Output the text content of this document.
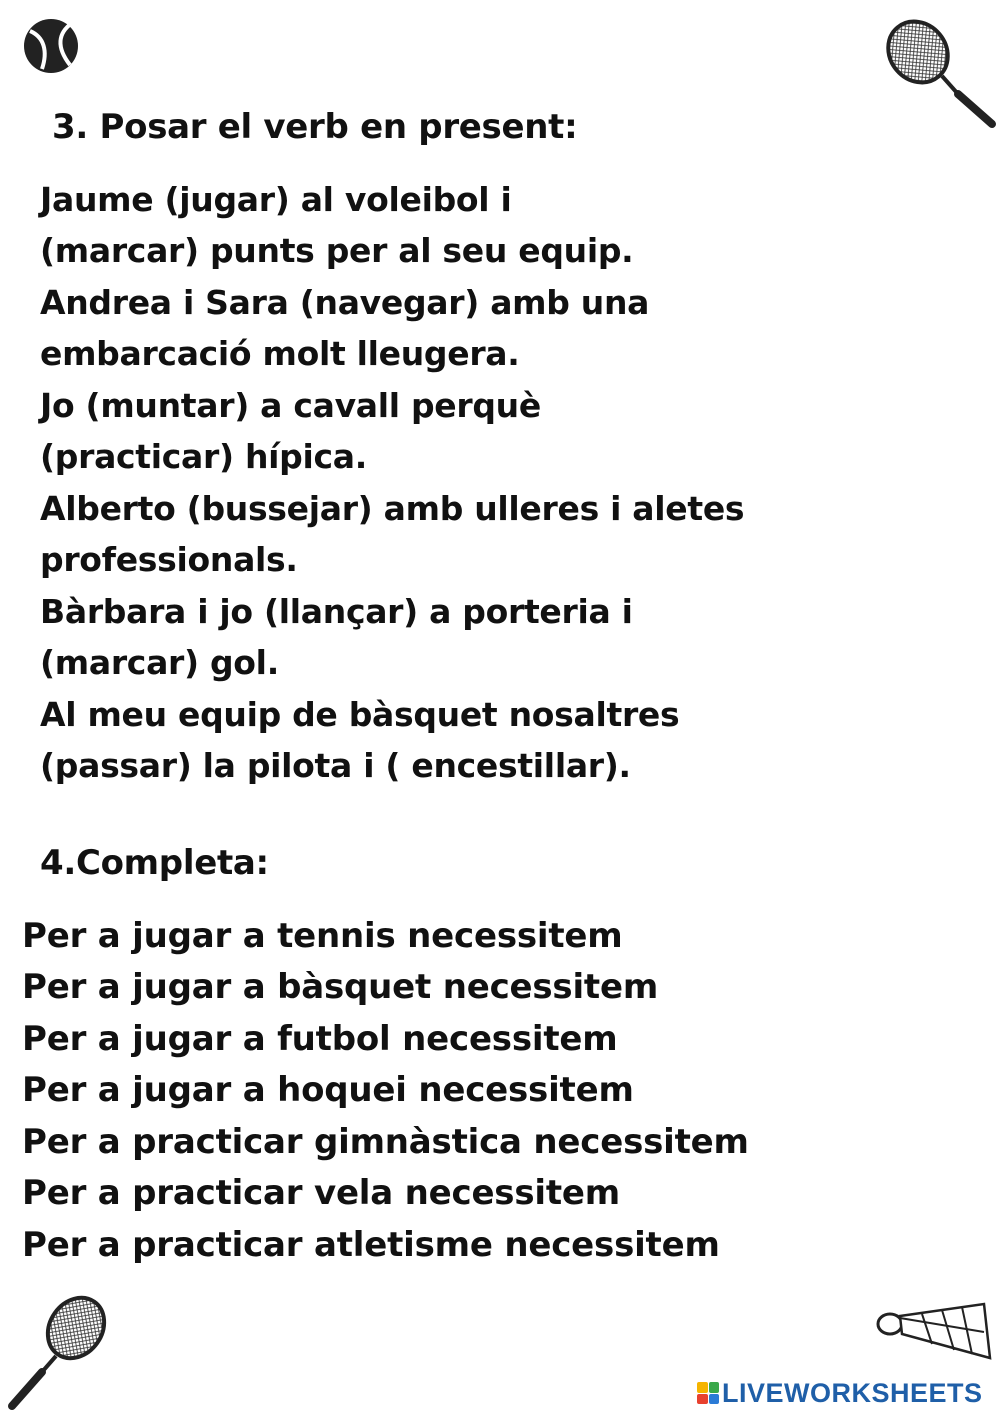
3. Posar el verb en present:
Jaume (jugar) al voleibol i
(marcar) punts per al seu equip.
Andrea i Sara (navegar) amb una
embarcació molt lleugera.
Jo (muntar) a cavall perquè
(practicar) hípica.
Alberto (bussejar) amb ulleres i aletes
professionals.
Bàrbara i jo (llançar) a porteria i
(marcar) gol.
Al meu equip de bàsquet nosaltres
(passar) la pilota i ( encestillar).
4.Completa:
Per a jugar a tennis necessitem
Per a jugar a bàsquet necessitem
Per a jugar a futbol necessitem
Per a jugar a hoquei necessitem
Per a practicar gimnàstica necessitem
Per a practicar vela necessitem
Per a practicar atletisme necessitem
LIVEWORKSHEETS
